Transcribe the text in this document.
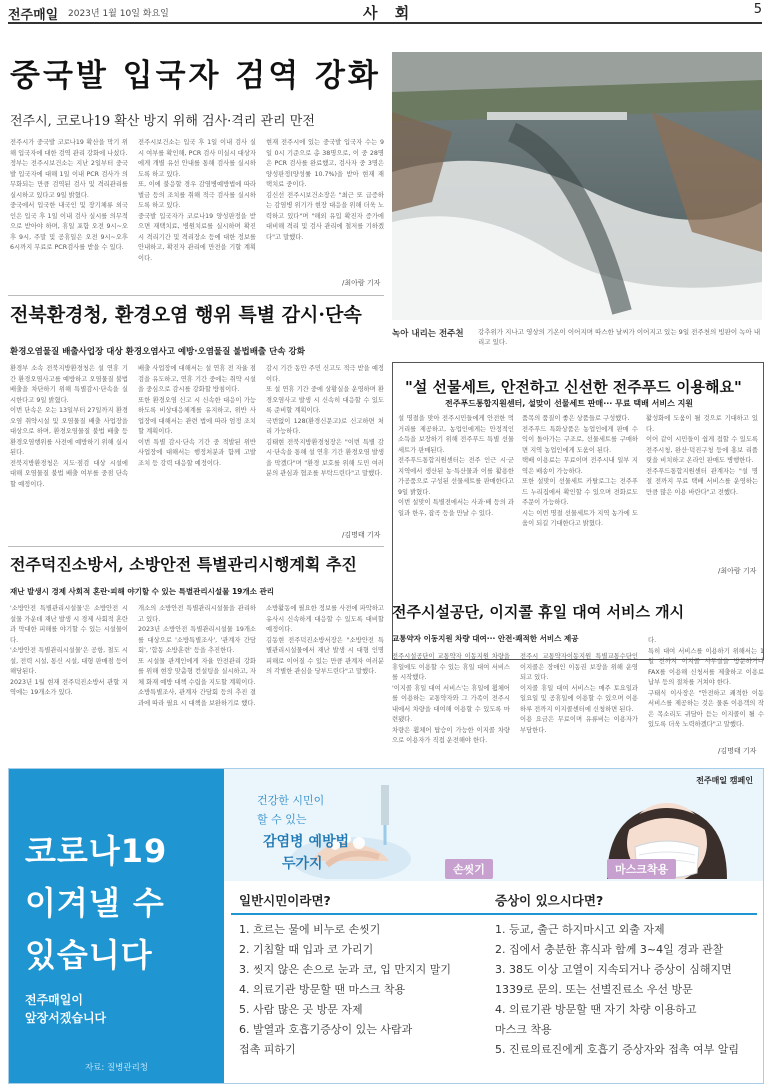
전주매일 2023년 1월 10일 화요일	사 회	5
중국발 입국자 검역 강화
전주시, 코로나19 확산 방지 위해 검사·격리 관리 만전
전주시가 중국발 코로나19 확산을 막기 위해 입국자에 대한 검역 관리 강화에 나섰다.
정부는 전주시보건소는 지난 2일부터 중국발 입국자에 대해 1일 이내 PCR 검사가 의무화되는 만큼 검역된 검사 및 격리관리를 실시하고 있다고 9일 밝혔다.
중국에서 입국한 내국인 및 장기체류 외국인은 입국 후 1일 이내 검사 실시를 의무적으로 받아야 하며, 휴일 포함 오전 9시~오후 9시, 주말 및 공휴일은 오전 9시~오후 6시까지 무료로 PCR검사를 받을 수 있다.
전주시보건소는 입국 후 1일 이내 검사 실시 여부를 확인해, PCR 검사 미실시 대상자에게 개별 유선 안내를 통해 검사를 실시하도록 하고 있다.
또, 이에 불응할 경우 감염병예방법에 따라 벌금 등의 조치를 취해 적극 검사를 실시하도록 하고 있다.
중국발 입국자가 코로나19 양성판정을 받으면 재택치료, 병원치료를 실시하며 확진 시 격리기간 및 격리장소 등에 대한 정보를 안내하고, 확진자 관리에 만전을 기할 계획이다.
현재 전주시에 있는 중국발 입국자 수는 9일 0시 기준으로 총 38명으로, 이 중 28명은 PCR 검사를 완료했고, 검사자 중 3명은 양성판정(양성률 10.7%)을 받아 현재 재택치료 중이다.
김신선 전주시보건소장은 "최근 또 급증하는 감염병 위기가 현장 대응을 위해 더욱 노력하고 있다"며 "해외 유입 확진자 증가에 대비해 격리 및 검사 관리에 철저를 기하겠다"고 말했다.
/최아람 기자
녹아 내리는 전주천 강추위가 지나고 영상의 기온이 이어지며 따스한 날씨가 이어지고 있는 9일 전주천의 빙판이 녹아 내리고 있다.
전북환경청, 환경오염 행위 특별 감시·단속
환경오염물질 배출사업장 대상 환경오염사고 예방·오염물질 불법배출 단속 강화
환경부 소속 전북지방환경청은 설 연휴 기간 환경오염사고를 예방하고 오염물질 불법배출을 차단하기 위해 특별감시·단속을 실시한다고 9일 밝혔다.
이번 단속은 오는 13일부터 27일까지 환경오염 취약시설 및 오염물질 배출 사업장을 대상으로 하며, 환경오염물질 불법 배출 등 환경오염행위를 사전에 예방하기 위해 실시된다.
전북지방환경청은 지도·점검 대상 시설에 대해 오염물질 불법 배출 여부를 중점 단속할 예정이다.
배출 사업장에 대해서는 설 연휴 전 자율 점검을 유도하고, 연휴 기간 중에는 취약 시설을 중심으로 감시를 강화할 방침이다.
또한 환경오염 신고 시 신속한 대응이 가능하도록 비상대응체계를 유지하고, 위반 사업장에 대해서는 관련 법에 따라 엄정 조치할 계획이다.
이번 특별 감시·단속 기간 중 적발된 위반 사업장에 대해서는 행정처분과 함께 고발 조치 등 강력 대응할 예정이다.
감시 기간 동안 주민 신고도 적극 받을 예정이다.
또 설 연휴 기간 중에 상황실을 운영하며 환경오염사고 발생 시 신속히 대응할 수 있도록 준비할 계획이다.
국번없이 128(환경신문고)로 신고하면 처리 가능하다.
김태현 전북지방환경청장은 "이번 특별 감시·단속을 통해 설 연휴 기간 환경오염 발생을 막겠다"며 "환경 보호를 위해 도민 여러분의 관심과 협조를 부탁드린다"고 말했다.
/김명태 기자
"설 선물세트, 안전하고 신선한 전주푸드 이용해요"
전주푸드통합지원센터, 설맞이 선물세트 판매··· 무료 택배 서비스 지원
설 명절을 맞아 전주시민들에게 안전한 먹거리를 제공하고, 농업인에게는 안정적인 소득을 보장하기 위해 전주푸드 특별 선물세트가 판매된다.
전주푸드통합지원센터는 전주 인근 시·군지역에서 생산된 농·특산물과 이를 활용한 가공품으로 구성된 선물세트를 판매한다고 9일 밝혔다.
이번 설맞이 특별전에서는 사과·배 등의 과일과 한우, 잡곡 등을 만날 수 있다.
품목의 품질이 좋은 상품들로 구성했다.
전주푸드 특화상품은 농업인에게 판매 수익이 돌아가는 구조로, 선물세트를 구매하면 지역 농업인에게 도움이 된다.
택배 이용료는 무료이며 전주시내 일부 지역은 배송이 가능하다.
또한 설맞이 선물세트 카탈로그는 전주푸드 누리집에서 확인할 수 있으며 전화로도 주문이 가능하다.
시는 이번 명절 선물세트가 지역 농가에 도움이 되길 기대한다고 밝혔다.
활성화에 도움이 될 것으로 기대하고 있다.
이어 같이 시민들이 쉽게 접할 수 있도록 전주시청, 완산·덕진구청 등에 홍보 리플릿을 비치하고 온라인 판매도 병행한다.
전주푸드통합지원센터 관계자는 "설 명절 전까지 무료 택배 서비스를 운영하는 만큼 많은 이용 바란다"고 전했다.
/최아람 기자
전주덕진소방서, 소방안전 특별관리시행계획 추진
재난 발생시 경제 사회적 혼란·피해 야기할 수 있는 특별관리시설물 19개소 관리
'소방안전 특별관리시설물'은 소방안전 시설물 가운데 재난 발생 시 경제 사회적 혼란과 막대한 피해를 야기할 수 있는 시설물이다.
'소방안전 특별관리시설물'은 공항, 철도 시설, 전력 시설, 통신 시설, 대형 판매점 등이 해당된다.
2023년 1월 현재 전주덕진소방서 관할 지역에는 19개소가 있다.
개소의 소방안전 특별관리시설물을 관리하고 있다.
2023년 소방안전 특별관리시설물 19개소를 대상으로 '소방특별조사', '관계자 간담회', '합동 소방훈련' 등을 추진한다.
또 시설물 관계인에게 자율 안전관리 강화를 위해 현장 맞춤형 컨설팅을 실시하고, 자체 화재 예방 대책 수립을 지도할 계획이다.
소방특별조사, 관계자 간담회 등의 추진 결과에 따라 필요 시 대책을 보완하기로 했다.
소방활동에 필요한 정보를 사전에 파악하고 유사시 신속하게 대응할 수 있도록 대비할 예정이다.
김동현 전주덕진소방서장은 "소방안전 특별관리시설물에서 재난 발생 시 대형 인명 피해로 이어질 수 있는 만큼 관계자 여러분의 각별한 관심을 당부드린다"고 말했다.
전주시설공단, 이지콜 휴일 대여 서비스 개시
교통약자 이동지원 차량 대여··· 안전·쾌적한 서비스 제공
전주시설공단이 교통약자 이동지원 차량을 휴일에도 이용할 수 있는 휴일 대여 서비스를 시작했다.
'이지콜 휴일 대여 서비스'는 휴일에 휠체어를 이용하는 교통약자와 그 가족이 전주시 내에서 차량을 대여해 이용할 수 있도록 마련됐다.
차량은 휠체어 탑승이 가능한 이지콜 차량으로 이용자가 직접 운전해야 한다.
전주시 교통약자이동지원 특별교통수단인 이지콜은 장애인 이동권 보장을 위해 운영되고 있다.
이지콜 휴일 대여 서비스는 매주 토요일과 일요일 및 공휴일에 이용할 수 있으며 이용 하루 전까지 이지콜센터에 신청하면 된다.
이용 요금은 무료이며 유류비는 이용자가 부담한다.
다.
특히 대여 서비스를 이용하기 위해서는 1일 전까지 이지콜 사무실을 방문하거나 FAX를 이용해 신청서를 제출하고 이용료 납부 등의 절차를 거쳐야 한다.
구태식 이사장은 "안전하고 쾌적한 이동 서비스를 제공하는 것은 물론 이용객의 작은 목소리도 귀담아 듣는 이지콜이 될 수 있도록 더욱 노력하겠다"고 말했다.
/김명태 기자
코로나19
이겨낼 수
있습니다
전주매일이
앞장서겠습니다
자료: 질병관리청
전주매일 캠페인
건강한 시민이
할 수 있는
감염병 예방법
두가지	손씻기	마스크착용
일반시민이라면?
1. 흐르는 물에 비누로 손씻기
2. 기침할 때 입과 코 가리기
3. 씻지 않은 손으로 눈과 코, 입 만지지 말기
4. 의료기관 방문할 땐 마스크 착용
5. 사람 많은 곳 방문 자제
6. 발열과 호흡기증상이 있는 사람과
접촉 피하기
증상이 있으시다면?
1. 등교, 출근 하지마시고 외출 자제
2. 집에서 충분한 휴식과 함께 3~4일 경과 관찰
3. 38도 이상 고열이 지속되거나 증상이 심해지면
1339로 문의. 또는 선별진료소 우선 방문
4. 의료기관 방문할 땐 자기 차량 이용하고
마스크 착용
5. 진료의료진에게 호흡기 증상자와 접촉 여부 알림
